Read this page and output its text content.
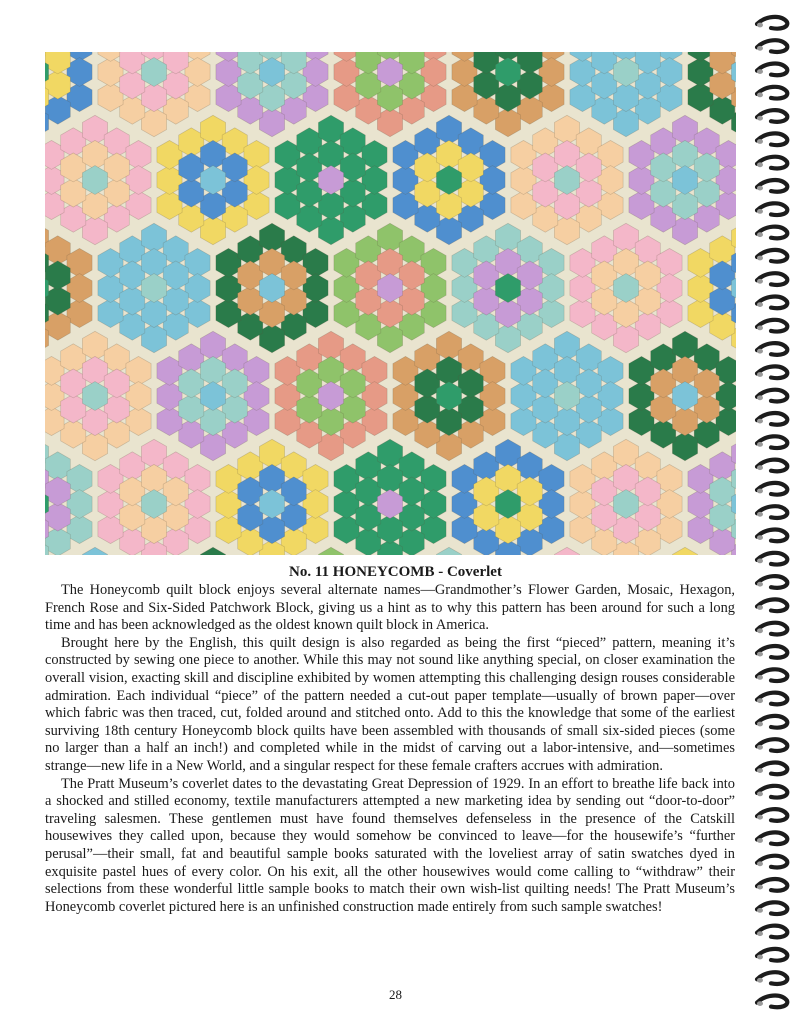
No. 11 HONEYCOMB - Coverlet

The Honeycomb quilt block enjoys several alternate names—Grandmother’s Flower Garden, Mosaic, Hexagon, French Rose and Six-Sided Patchwork Block, giving us a hint as to why this pattern has been around for such a long time and has been acknowledged as the oldest known quilt block in America.

Brought here by the English, this quilt design is also regarded as being the first “pieced” pattern, meaning it’s constructed by sewing one piece to another. While this may not sound like anything special, on closer examination the overall vision, exacting skill and discipline exhibited by women attempting this challenging design rouses considerable admiration. Each individual “piece” of the pattern needed a cut-out paper template—usually of brown paper—over which fabric was then traced, cut, folded around and stitched onto. Add to this the knowledge that some of the earliest surviving 18th century Honeycomb block quilts have been assembled with thousands of small six-sided pieces (some no larger than a half an inch!) and completed while in the midst of carving out a labor-intensive, and—sometimes strange—new life in a New World, and a singular respect for these female crafters accrues with admiration.

The Pratt Museum’s coverlet dates to the devastating Great Depression of 1929. In an effort to breathe life back into a shocked and stilled economy, textile manufacturers attempted a new marketing idea by sending out “door-to-door” traveling salesmen. These gentlemen must have found themselves defenseless in the presence of the Catskill housewives they called upon, because they would somehow be convinced to leave—for the housewife’s “further perusal”—their small, fat and beautiful sample books saturated with the loveliest array of satin swatches dyed in exquisite pastel hues of every color. On his exit, all the other housewives would come calling to “withdraw” their selections from these wonderful little sample books to match their own wish-list quilting needs! The Pratt Museum’s Honeycomb coverlet pictured here is an unfinished construction made entirely from such sample swatches!

28
